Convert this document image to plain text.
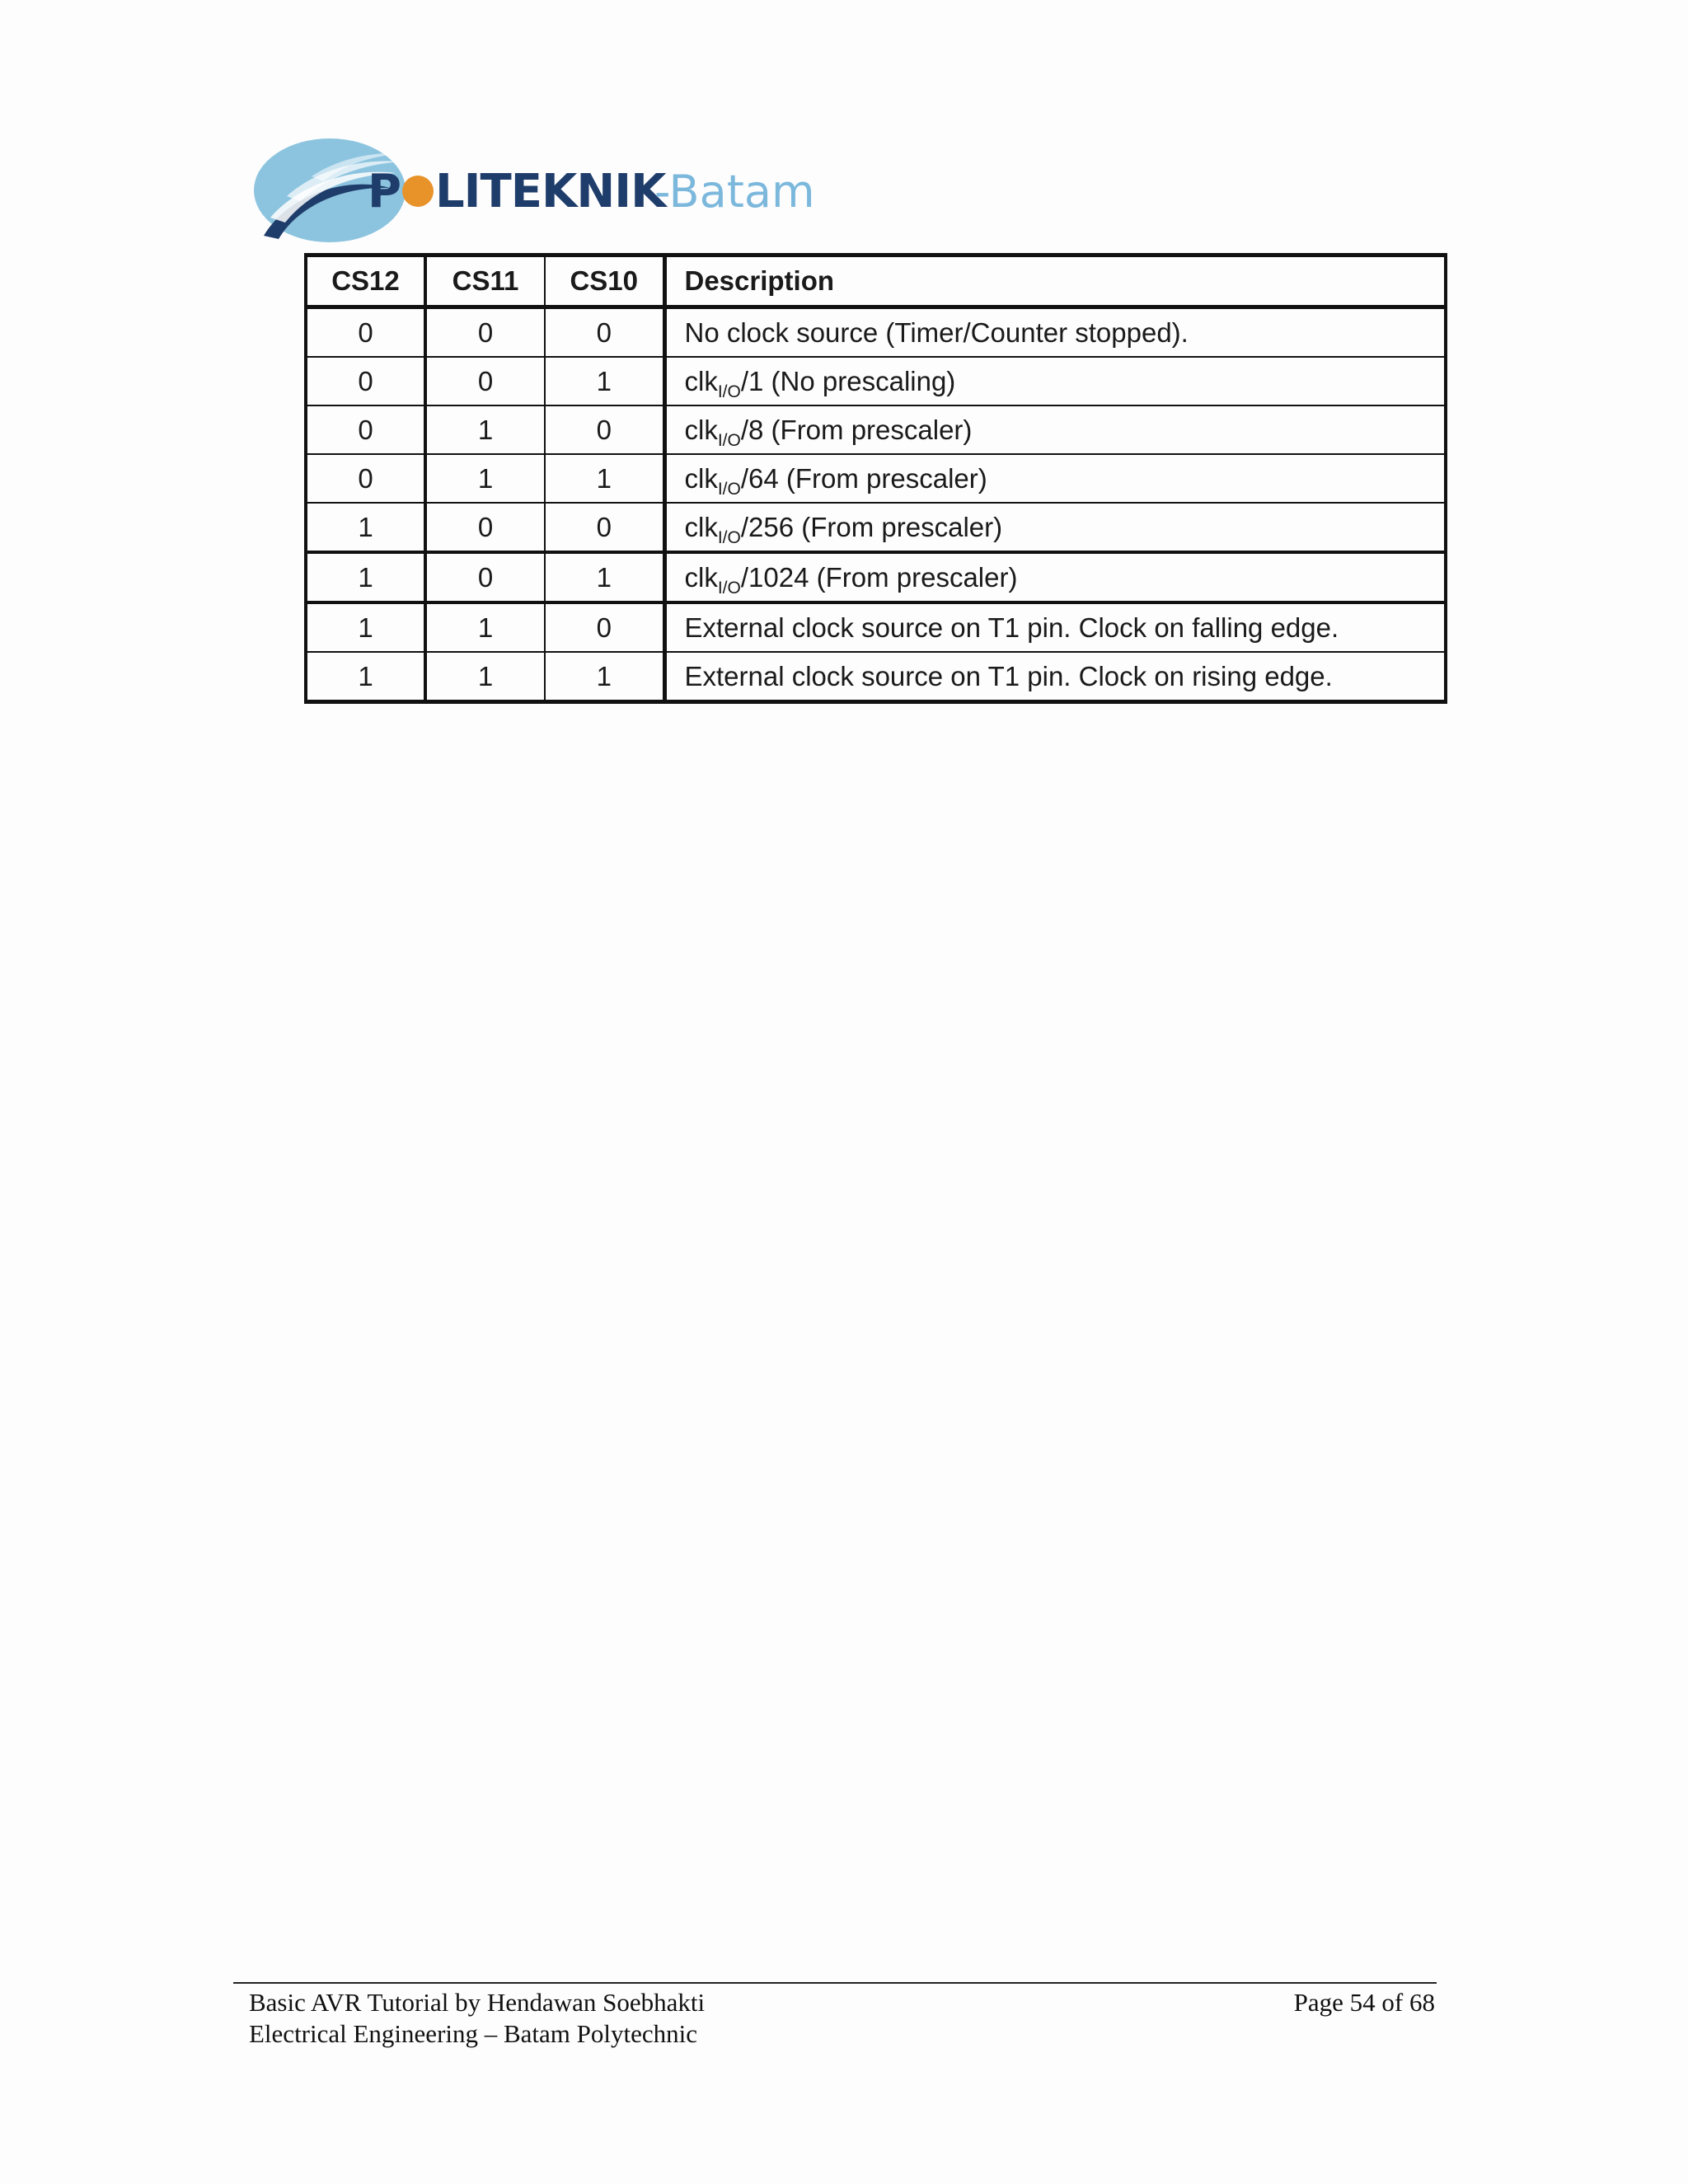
P LITEKNIK
-Batam
CS12	CS11	CS10	Description
0	0	0	No clock source (Timer/Counter stopped).
0	0	1	clk$_{I/O}$/1 (No prescaling)
0	1	0	clk$_{I/O}$/8 (From prescaler)
0	1	1	clk$_{I/O}$/64 (From prescaler)
1	0	0	clk$_{I/O}$/256 (From prescaler)
1	0	1	clk$_{I/O}$/1024 (From prescaler)
1	1	0	External clock source on T1 pin. Clock on falling edge.
1	1	1	External clock source on T1 pin. Clock on rising edge.
Basic AVR Tutorial by Hendawan Soebhakti	Page 54 of 68
Electrical Engineering – Batam Polytechnic
